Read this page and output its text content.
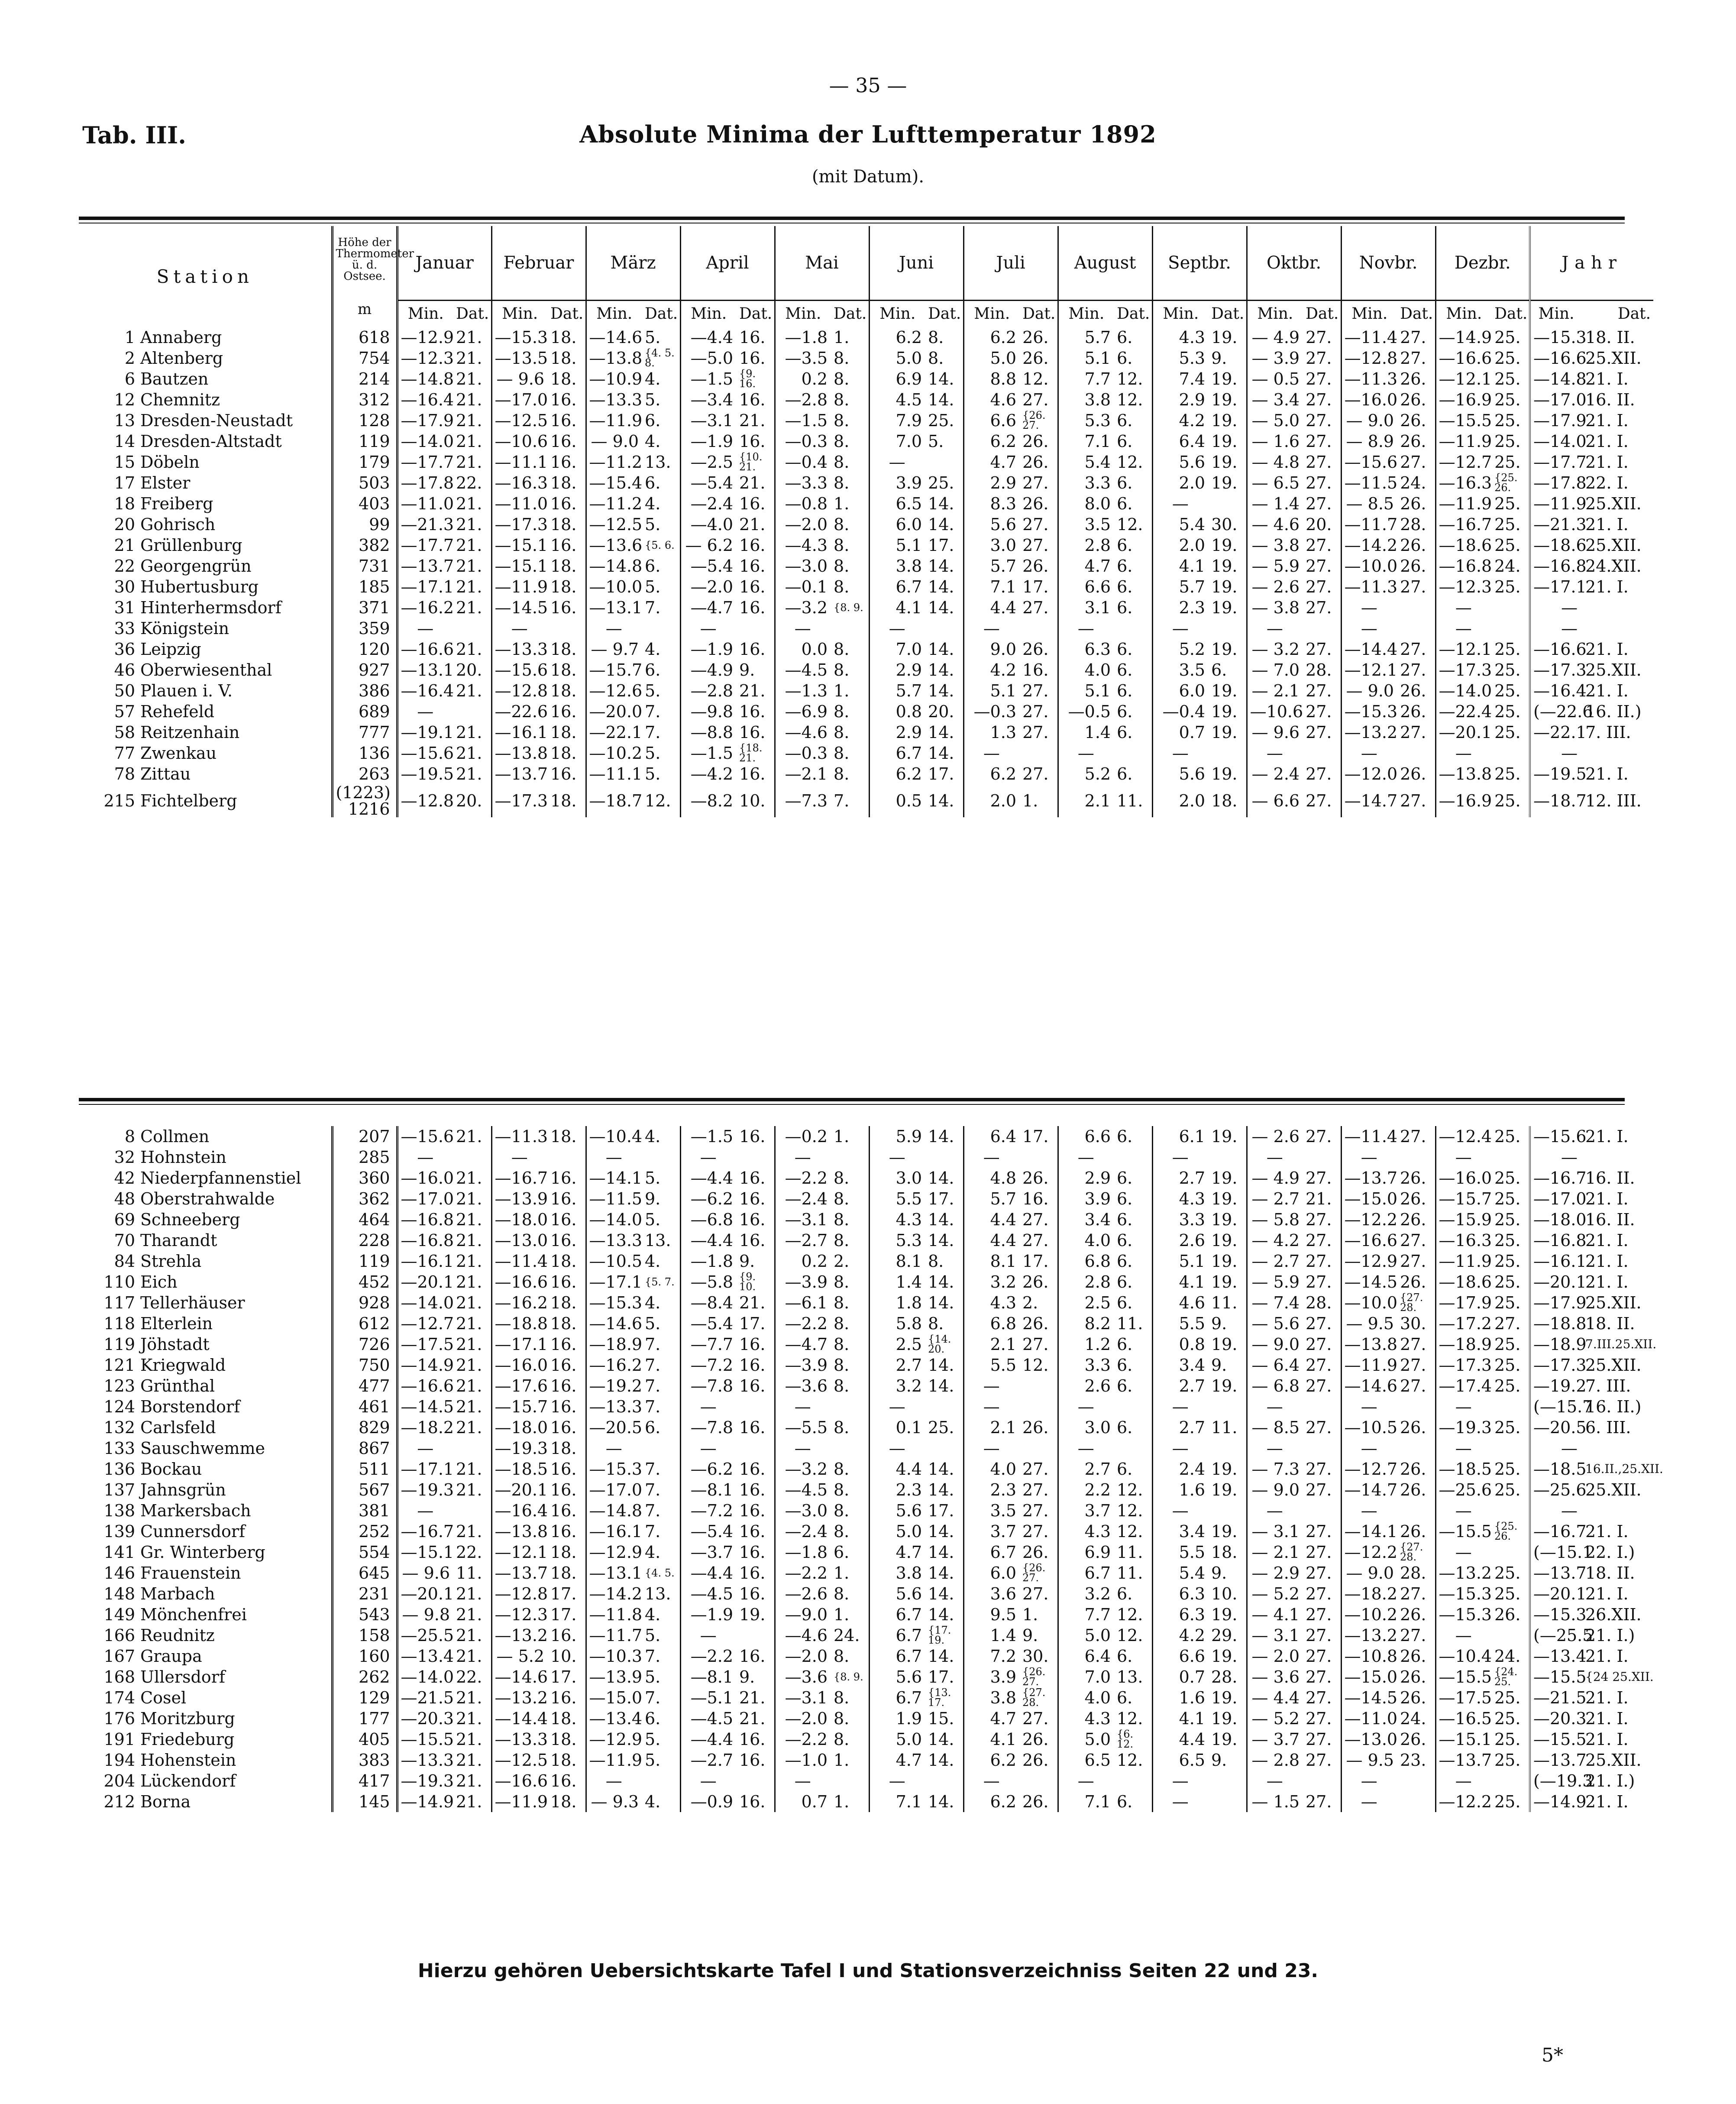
— 35 —
Tab. III.	Absolute Minima der Lufttemperatur 1892
(mit Datum).
Station	Höhe der Thermometer ü. d. Ostsee.
m	Januar		Februar		März		April		Mai		Juni		Juli		August		Septbr.		Oktbr.		Novbr.		Dezbr.		Jahr	
		Min.	Dat.	Min.	Dat.	Min.	Dat.	Min.	Dat.	Min.	Dat.	Min.	Dat.	Min.	Dat.	Min.	Dat.	Min.	Dat.	Min.	Dat.	Min.	Dat.	Min.	Dat.	Min.	Dat.
1 Annaberg	618	—12.9	21.	—15.3	18.	—14.6	5.	—4.4	16.	—1.8	1.	6.2	8.	6.2	26.	5.7	6.	4.3	19.	— 4.9	27.	—11.4	27.	—14.9	25.	—15.3	18. II.
2 Altenberg	754	—12.3	21.	—13.5	18.	—13.8	{4. 5. 8.	—5.0	16.	—3.5	8.	5.0	8.	5.0	26.	5.1	6.	5.3	9.	— 3.9	27.	—12.8	27.	—16.6	25.	—16.6	25.XII.
6 Bautzen	214	—14.8	21.	— 9.6	18.	—10.9	4.	—1.5	{9. 16.	0.2	8.	6.9	14.	8.8	12.	7.7	12.	7.4	19.	— 0.5	27.	—11.3	26.	—12.1	25.	—14.8	21. I.
12 Chemnitz	312	—16.4	21.	—17.0	16.	—13.3	5.	—3.4	16.	—2.8	8.	4.5	14.	4.6	27.	3.8	12.	2.9	19.	— 3.4	27.	—16.0	26.	—16.9	25.	—17.0	16. II.
13 Dresden-Neustadt	128	—17.9	21.	—12.5	16.	—11.9	6.	—3.1	21.	—1.5	8.	7.9	25.	6.6	{26. 27.	5.3	6.	4.2	19.	— 5.0	27.	— 9.0	26.	—15.5	25.	—17.9	21. I.
14 Dresden-Altstadt	119	—14.0	21.	—10.6	16.	— 9.0	4.	—1.9	16.	—0.3	8.	7.0	5.	6.2	26.	7.1	6.	6.4	19.	— 1.6	27.	— 8.9	26.	—11.9	25.	—14.0	21. I.
15 Döbeln	179	—17.7	21.	—11.1	16.	—11.2	13.	—2.5	{10. 21.	—0.4	8.	—		4.7	26.	5.4	12.	5.6	19.	— 4.8	27.	—15.6	27.	—12.7	25.	—17.7	21. I.
17 Elster	503	—17.8	22.	—16.3	18.	—15.4	6.	—5.4	21.	—3.3	8.	3.9	25.	2.9	27.	3.3	6.	2.0	19.	— 6.5	27.	—11.5	24.	—16.3	{25. 26.	—17.8	22. I.
18 Freiberg	403	—11.0	21.	—11.0	16.	—11.2	4.	—2.4	16.	—0.8	1.	6.5	14.	8.3	26.	8.0	6.	—		— 1.4	27.	— 8.5	26.	—11.9	25.	—11.9	25.XII.
20 Gohrisch	99	—21.3	21.	—17.3	18.	—12.5	5.	—4.0	21.	—2.0	8.	6.0	14.	5.6	27.	3.5	12.	5.4	30.	— 4.6	20.	—11.7	28.	—16.7	25.	—21.3	21. I.
21 Grüllenburg	382	—17.7	21.	—15.1	16.	—13.6	{5. 6.	— 6.2	16.	—4.3	8.	5.1	17.	3.0	27.	2.8	6.	2.0	19.	— 3.8	27.	—14.2	26.	—18.6	25.	—18.6	25.XII.
22 Georgengrün	731	—13.7	21.	—15.1	18.	—14.8	6.	—5.4	16.	—3.0	8.	3.8	14.	5.7	26.	4.7	6.	4.1	19.	— 5.9	27.	—10.0	26.	—16.8	24.	—16.8	24.XII.
30 Hubertusburg	185	—17.1	21.	—11.9	18.	—10.0	5.	—2.0	16.	—0.1	8.	6.7	14.	7.1	17.	6.6	6.	5.7	19.	— 2.6	27.	—11.3	27.	—12.3	25.	—17.1	21. I.
31 Hinterhermsdorf	371	—16.2	21.	—14.5	16.	—13.1	7.	—4.7	16.	—3.2	{8. 9.	4.1	14.	4.4	27.	3.1	6.	2.3	19.	— 3.8	27.	—		—		—	
33 Königstein	359	—		—		—		—		—		—		—		—		—		—		—		—		—	
36 Leipzig	120	—16.6	21.	—13.3	18.	— 9.7	4.	—1.9	16.	0.0	8.	7.0	14.	9.0	26.	6.3	6.	5.2	19.	— 3.2	27.	—14.4	27.	—12.1	25.	—16.6	21. I.
46 Oberwiesenthal	927	—13.1	20.	—15.6	18.	—15.7	6.	—4.9	9.	—4.5	8.	2.9	14.	4.2	16.	4.0	6.	3.5	6.	— 7.0	28.	—12.1	27.	—17.3	25.	—17.3	25.XII.
50 Plauen i. V.	386	—16.4	21.	—12.8	18.	—12.6	5.	—2.8	21.	—1.3	1.	5.7	14.	5.1	27.	5.1	6.	6.0	19.	— 2.1	27.	— 9.0	26.	—14.0	25.	—16.4	21. I.
57 Rehefeld	689	—		—22.6	16.	—20.0	7.	—9.8	16.	—6.9	8.	0.8	20.	—0.3	27.	—0.5	6.	—0.4	19.	—10.6	27.	—15.3	26.	—22.4	25.	(—22.6	16. II.)
58 Reitzenhain	777	—19.1	21.	—16.1	18.	—22.1	7.	—8.8	16.	—4.6	8.	2.9	14.	1.3	27.	1.4	6.	0.7	19.	— 9.6	27.	—13.2	27.	—20.1	25.	—22.1	7. III.
77 Zwenkau	136	—15.6	21.	—13.8	18.	—10.2	5.	—1.5	{18. 21.	—0.3	8.	6.7	14.	—		—		—		—		—		—		—	
78 Zittau	263	—19.5	21.	—13.7	16.	—11.1	5.	—4.2	16.	—2.1	8.	6.2	17.	6.2	27.	5.2	6.	5.6	19.	— 2.4	27.	—12.0	26.	—13.8	25.	—19.5	21. I.
215 Fichtelberg	(1223) 1216	—12.8	20.	—17.3	18.	—18.7	12.	—8.2	10.	—7.3	7.	0.5	14.	2.0	1.	2.1	11.	2.0	18.	— 6.6	27.	—14.7	27.	—16.9	25.	—18.7	12. III.
8 Collmen	207	—15.6	21.	—11.3	18.	—10.4	4.	—1.5	16.	—0.2	1.	5.9	14.	6.4	17.	6.6	6.	6.1	19.	— 2.6	27.	—11.4	27.	—12.4	25.	—15.6	21. I.
32 Hohnstein	285	—		—		—		—		—		—		—		—		—		—		—		—		—	
42 Niederpfannenstiel	360	—16.0	21.	—16.7	16.	—14.1	5.	—4.4	16.	—2.2	8.	3.0	14.	4.8	26.	2.9	6.	2.7	19.	— 4.9	27.	—13.7	26.	—16.0	25.	—16.7	16. II.
48 Oberstrahwalde	362	—17.0	21.	—13.9	16.	—11.5	9.	—6.2	16.	—2.4	8.	5.5	17.	5.7	16.	3.9	6.	4.3	19.	— 2.7	21.	—15.0	26.	—15.7	25.	—17.0	21. I.
69 Schneeberg	464	—16.8	21.	—18.0	16.	—14.0	5.	—6.8	16.	—3.1	8.	4.3	14.	4.4	27.	3.4	6.	3.3	19.	— 5.8	27.	—12.2	26.	—15.9	25.	—18.0	16. II.
70 Tharandt	228	—16.8	21.	—13.0	16.	—13.3	13.	—4.4	16.	—2.7	8.	5.3	14.	4.4	27.	4.0	6.	2.6	19.	— 4.2	27.	—16.6	27.	—16.3	25.	—16.8	21. I.
84 Strehla	119	—16.1	21.	—11.4	18.	—10.5	4.	—1.8	9.	0.2	2.	8.1	8.	8.1	17.	6.8	6.	5.1	19.	— 2.7	27.	—12.9	27.	—11.9	25.	—16.1	21. I.
110 Eich	452	—20.1	21.	—16.6	16.	—17.1	{5. 7.	—5.8	{9. 10.	—3.9	8.	1.4	14.	3.2	26.	2.8	6.	4.1	19.	— 5.9	27.	—14.5	26.	—18.6	25.	—20.1	21. I.
117 Tellerhäuser	928	—14.0	21.	—16.2	18.	—15.3	4.	—8.4	21.	—6.1	8.	1.8	14.	4.3	2.	2.5	6.	4.6	11.	— 7.4	28.	—10.0	{27. 28.	—17.9	25.	—17.9	25.XII.
118 Elterlein	612	—12.7	21.	—18.8	18.	—14.6	5.	—5.4	17.	—2.2	8.	5.8	8.	6.8	26.	8.2	11.	5.5	9.	— 5.6	27.	— 9.5	30.	—17.2	27.	—18.8	18. II.
119 Jöhstadt	726	—17.5	21.	—17.1	16.	—18.9	7.	—7.7	16.	—4.7	8.	2.5	{14. 20.	2.1	27.	1.2	6.	0.8	19.	— 9.0	27.	—13.8	27.	—18.9	25.	—18.9	7.III.25.XII.
121 Kriegwald	750	—14.9	21.	—16.0	16.	—16.2	7.	—7.2	16.	—3.9	8.	2.7	14.	5.5	12.	3.3	6.	3.4	9.	— 6.4	27.	—11.9	27.	—17.3	25.	—17.3	25.XII.
123 Grünthal	477	—16.6	21.	—17.6	16.	—19.2	7.	—7.8	16.	—3.6	8.	3.2	14.	—		2.6	6.	2.7	19.	— 6.8	27.	—14.6	27.	—17.4	25.	—19.2	7. III.
124 Borstendorf	461	—14.5	21.	—15.7	16.	—13.3	7.	—		—		—		—		—		—		—		—		—		(—15.7	16. II.)
132 Carlsfeld	829	—18.2	21.	—18.0	16.	—20.5	6.	—7.8	16.	—5.5	8.	0.1	25.	2.1	26.	3.0	6.	2.7	11.	— 8.5	27.	—10.5	26.	—19.3	25.	—20.5	6. III.
133 Sauschwemme	867	—		—19.3	18.	—		—		—		—		—		—		—		—		—		—		—	
136 Bockau	511	—17.1	21.	—18.5	16.	—15.3	7.	—6.2	16.	—3.2	8.	4.4	14.	4.0	27.	2.7	6.	2.4	19.	— 7.3	27.	—12.7	26.	—18.5	25.	—18.5	16.II.,25.XII.
137 Jahnsgrün	567	—19.3	21.	—20.1	16.	—17.0	7.	—8.1	16.	—4.5	8.	2.3	14.	2.3	27.	2.2	12.	1.6	19.	— 9.0	27.	—14.7	26.	—25.6	25.	—25.6	25.XII.
138 Markersbach	381	—		—16.4	16.	—14.8	7.	—7.2	16.	—3.0	8.	5.6	17.	3.5	27.	3.7	12.	—		—		—		—		—	
139 Cunnersdorf	252	—16.7	21.	—13.8	16.	—16.1	7.	—5.4	16.	—2.4	8.	5.0	14.	3.7	27.	4.3	12.	3.4	19.	— 3.1	27.	—14.1	26.	—15.5	{25. 26.	—16.7	21. I.
141 Gr. Winterberg	554	—15.1	22.	—12.1	18.	—12.9	4.	—3.7	16.	—1.8	6.	4.7	14.	6.7	26.	6.9	11.	5.5	18.	— 2.1	27.	—12.2	{27. 28.	—		(—15.1	22. I.)
146 Frauenstein	645	— 9.6	11.	—13.7	18.	—13.1	{4. 5.	—4.4	16.	—2.2	1.	3.8	14.	6.0	{26. 27.	6.7	11.	5.4	9.	— 2.9	27.	— 9.0	28.	—13.2	25.	—13.7	18. II.
148 Marbach	231	—20.1	21.	—12.8	17.	—14.2	13.	—4.5	16.	—2.6	8.	5.6	14.	3.6	27.	3.2	6.	6.3	10.	— 5.2	27.	—18.2	27.	—15.3	25.	—20.1	21. I.
149 Mönchenfrei	543	— 9.8	21.	—12.3	17.	—11.8	4.	—1.9	19.	—9.0	1.	6.7	14.	9.5	1.	7.7	12.	6.3	19.	— 4.1	27.	—10.2	26.	—15.3	26.	—15.3	26.XII.
166 Reudnitz	158	—25.5	21.	—13.2	16.	—11.7	5.	—		—4.6	24.	6.7	{17. 19.	1.4	9.	5.0	12.	4.2	29.	— 3.1	27.	—13.2	27.	—		(—25.5	21. I.)
167 Graupa	160	—13.4	21.	— 5.2	10.	—10.3	7.	—2.2	16.	—2.0	8.	6.7	14.	7.2	30.	6.4	6.	6.6	19.	— 2.0	27.	—10.8	26.	—10.4	24.	—13.4	21. I.
168 Ullersdorf	262	—14.0	22.	—14.6	17.	—13.9	5.	—8.1	9.	—3.6	{8. 9.	5.6	17.	3.9	{26. 27.	7.0	13.	0.7	28.	— 3.6	27.	—15.0	26.	—15.5	{24. 25.	—15.5	{24 25.XII.
174 Cosel	129	—21.5	21.	—13.2	16.	—15.0	7.	—5.1	21.	—3.1	8.	6.7	{13. 17.	3.8	{27. 28.	4.0	6.	1.6	19.	— 4.4	27.	—14.5	26.	—17.5	25.	—21.5	21. I.
176 Moritzburg	177	—20.3	21.	—14.4	18.	—13.4	6.	—4.5	21.	—2.0	8.	1.9	15.	4.7	27.	4.3	12.	4.1	19.	— 5.2	27.	—11.0	24.	—16.5	25.	—20.3	21. I.
191 Friedeburg	405	—15.5	21.	—13.3	18.	—12.9	5.	—4.4	16.	—2.2	8.	5.0	14.	4.1	26.	5.0	{6. 12.	4.4	19.	— 3.7	27.	—13.0	26.	—15.1	25.	—15.5	21. I.
194 Hohenstein	383	—13.3	21.	—12.5	18.	—11.9	5.	—2.7	16.	—1.0	1.	4.7	14.	6.2	26.	6.5	12.	6.5	9.	— 2.8	27.	— 9.5	23.	—13.7	25.	—13.7	25.XII.
204 Lückendorf	417	—19.3	21.	—16.6	16.	—		—		—		—		—		—		—		—		—		—		(—19.3	21. I.)
212 Borna	145	—14.9	21.	—11.9	18.	— 9.3	4.	—0.9	16.	0.7	1.	7.1	14.	6.2	26.	7.1	6.	—		— 1.5	27.	—		—12.2	25.	—14.9	21. I.
Hierzu gehören Uebersichtskarte Tafel I und Stationsverzeichniss Seiten 22 und 23.
5*
